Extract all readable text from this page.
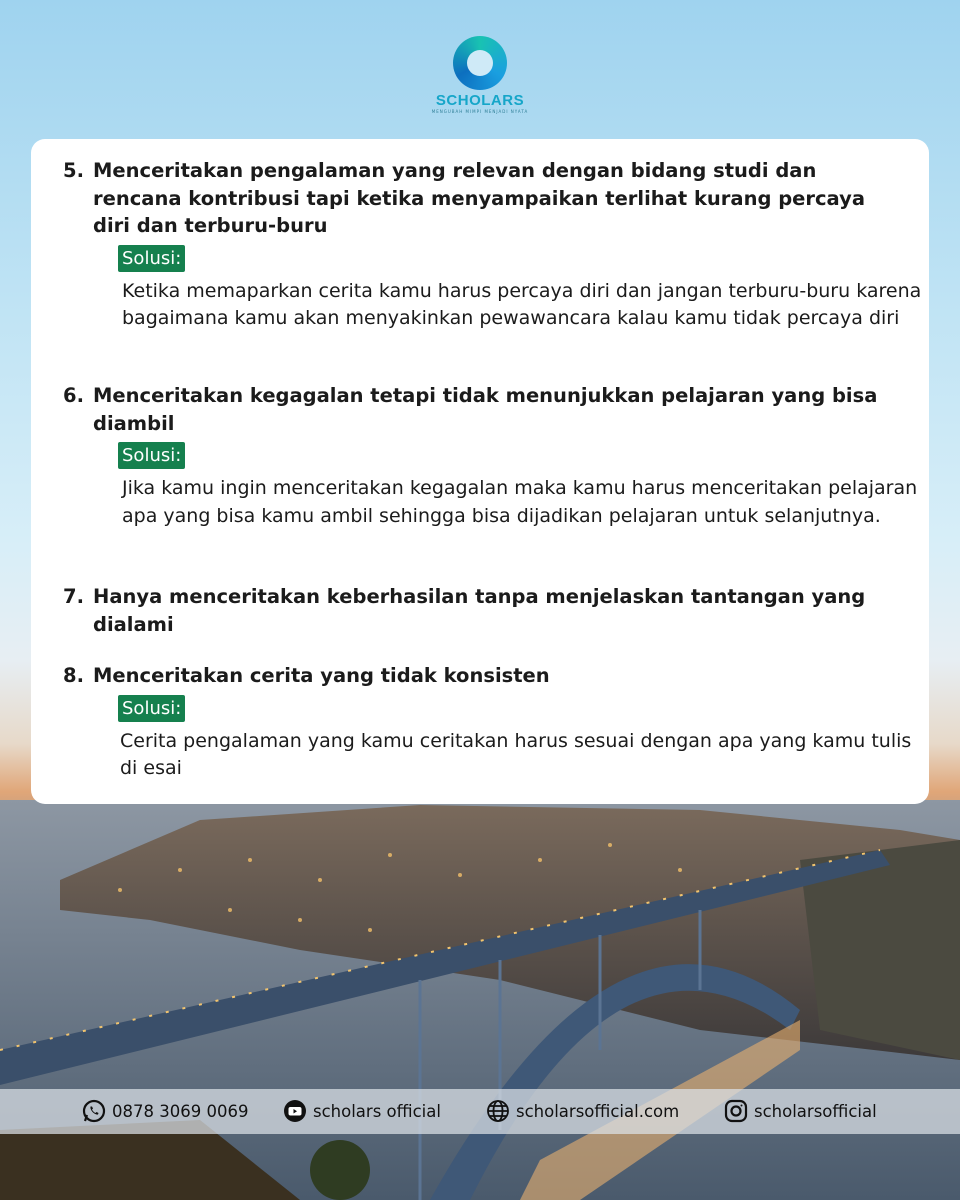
SCHOLARS
MENGUBAH MIMPI MENJADI NYATA
5. Menceritakan pengalaman yang relevan dengan bidang studi dan rencana kontribusi tapi ketika menyampaikan terlihat kurang percaya diri dan terburu-buru
Solusi:
Ketika memaparkan cerita kamu harus percaya diri dan jangan terburu-buru karena bagaimana kamu akan menyakinkan pewawancara kalau kamu tidak percaya diri
6. Menceritakan kegagalan tetapi tidak menunjukkan pelajaran yang bisa diambil
Solusi:
Jika kamu ingin menceritakan kegagalan maka kamu harus menceritakan pelajaran apa yang bisa kamu ambil sehingga bisa dijadikan pelajaran untuk selanjutnya.
7. Hanya menceritakan keberhasilan tanpa menjelaskan tantangan yang dialami
8. Menceritakan cerita yang tidak konsisten
Solusi:
Cerita pengalaman yang kamu ceritakan harus sesuai dengan apa yang kamu tulis di esai
0878 3069 0069	scholars official	scholarsofficial.com	scholarsofficial
